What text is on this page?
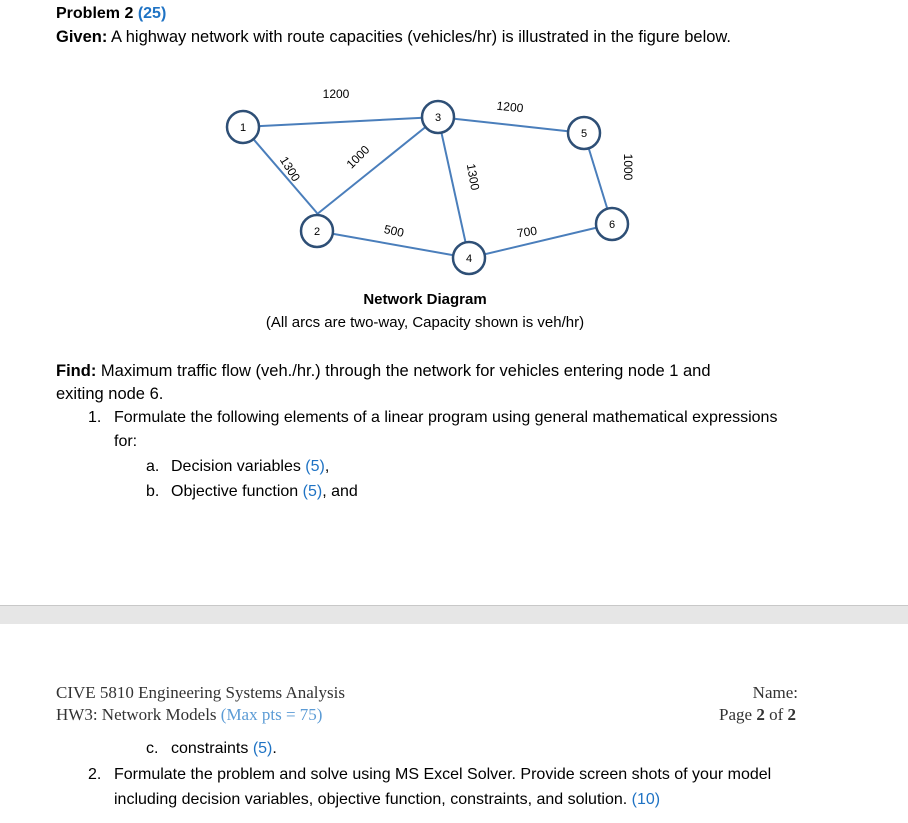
Problem 2 (25)
Given: A highway network with route capacities (vehicles/hr) is illustrated in the figure below.
1
2
3
4
5
6
1200
1200
1300	1000
500
1300
700
1000
Network Diagram
(All arcs are two-way, Capacity shown is veh/hr)
Find: Maximum traffic flow (veh./hr.) through the network for vehicles entering node 1 and
exiting node 6.
1. Formulate the following elements of a linear program using general mathematical expressions
for:
a. Decision variables (5),
b. Objective function (5), and
CIVE 5810 Engineering Systems Analysis
HW3: Network Models (Max pts = 75)
Name:
Page 2 of 2
c. constraints (5).
2. Formulate the problem and solve using MS Excel Solver. Provide screen shots of your model
including decision variables, objective function, constraints, and solution. (10)
